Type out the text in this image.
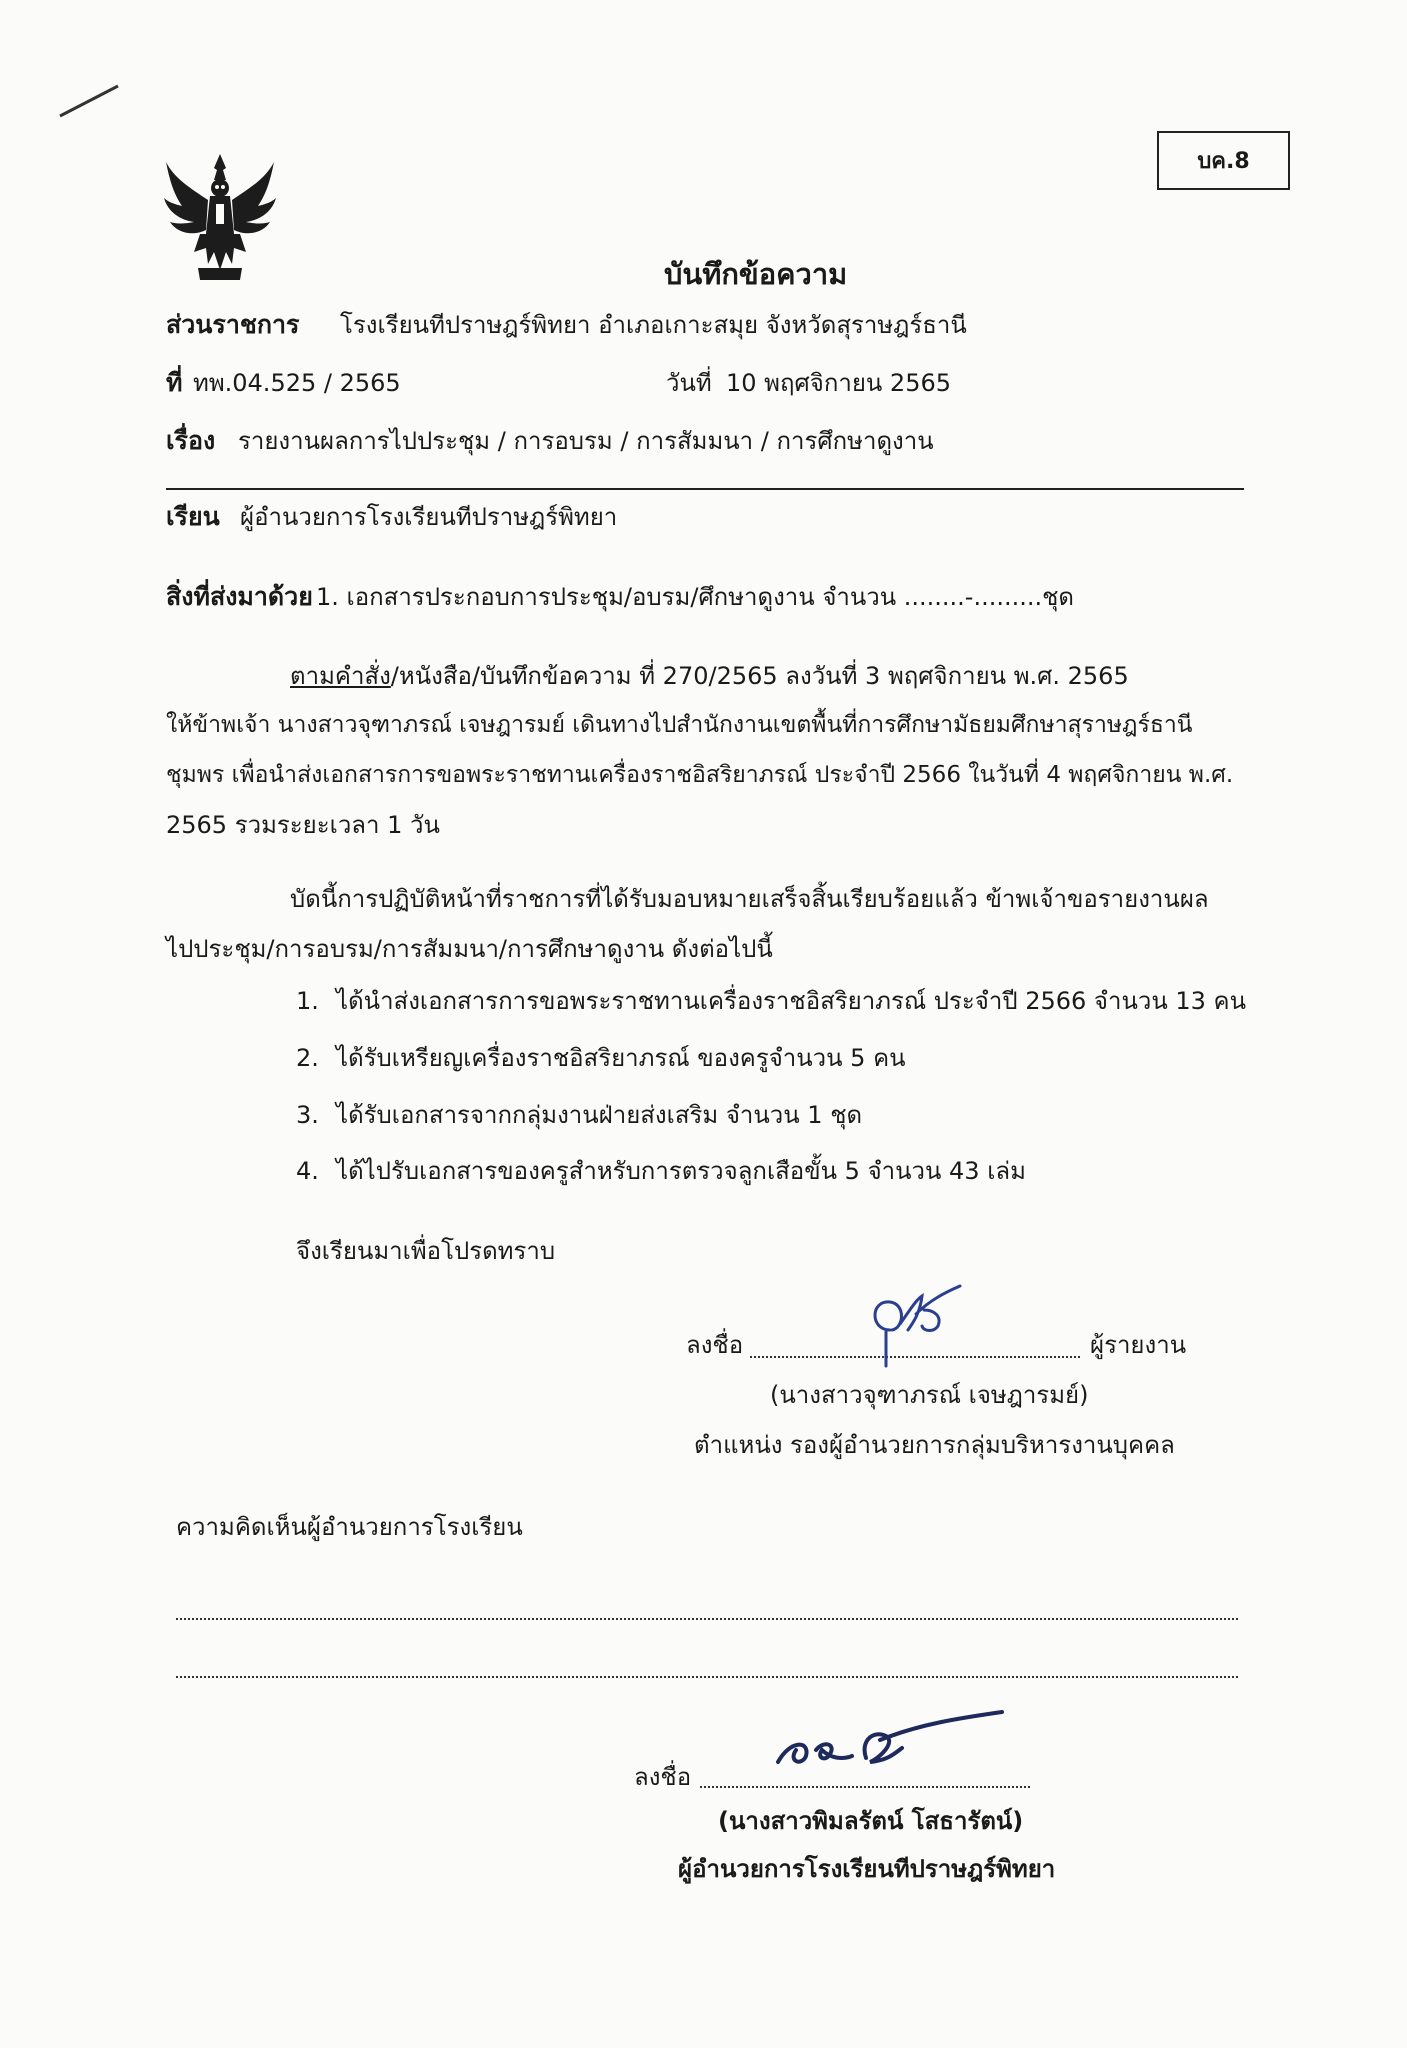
บค.8
บันทึกข้อความ
ส่วนราชการ โรงเรียนทีปราษฎร์พิทยา อำเภอเกาะสมุย จังหวัดสุราษฎร์ธานี
ที่ ทพ.04.525 / 2565	วันที่ 10 พฤศจิกายน 2565
เรื่อง รายงานผลการไปประชุม / การอบรม / การสัมมนา / การศึกษาดูงาน
เรียน ผู้อำนวยการโรงเรียนทีปราษฎร์พิทยา
สิ่งที่ส่งมาด้วย 1. เอกสารประกอบการประชุม/อบรม/ศึกษาดูงาน จำนวน ........-.........ชุด
ตามคำสั่ง/หนังสือ/บันทึกข้อความ ที่ 270/2565 ลงวันที่ 3 พฤศจิกายน พ.ศ. 2565
ให้ข้าพเจ้า นางสาวจุฑาภรณ์ เจษฎารมย์ เดินทางไปสำนักงานเขตพื้นที่การศึกษามัธยมศึกษาสุราษฎร์ธานี
ชุมพร เพื่อนำส่งเอกสารการขอพระราชทานเครื่องราชอิสริยาภรณ์ ประจำปี 2566 ในวันที่ 4 พฤศจิกายน พ.ศ.
2565 รวมระยะเวลา 1 วัน
บัดนี้การปฏิบัติหน้าที่ราชการที่ได้รับมอบหมายเสร็จสิ้นเรียบร้อยแล้ว ข้าพเจ้าขอรายงานผล
ไปประชุม/การอบรม/การสัมมนา/การศึกษาดูงาน ดังต่อไปนี้
1. ได้นำส่งเอกสารการขอพระราชทานเครื่องราชอิสริยาภรณ์ ประจำปี 2566 จำนวน 13 คน
2. ได้รับเหรียญเครื่องราชอิสริยาภรณ์ ของครูจำนวน 5 คน
3. ได้รับเอกสารจากกลุ่มงานฝ่ายส่งเสริม จำนวน 1 ชุด
4. ได้ไปรับเอกสารของครูสำหรับการตรวจลูกเสือขั้น 5 จำนวน 43 เล่ม
จึงเรียนมาเพื่อโปรดทราบ
ลงชื่อ	ผู้รายงาน
(นางสาวจุฑาภรณ์ เจษฎารมย์)
ตำแหน่ง รองผู้อำนวยการกลุ่มบริหารงานบุคคล
ความคิดเห็นผู้อำนวยการโรงเรียน
ลงชื่อ
(นางสาวพิมลรัตน์ โสธารัตน์)
ผู้อำนวยการโรงเรียนทีปราษฎร์พิทยา
